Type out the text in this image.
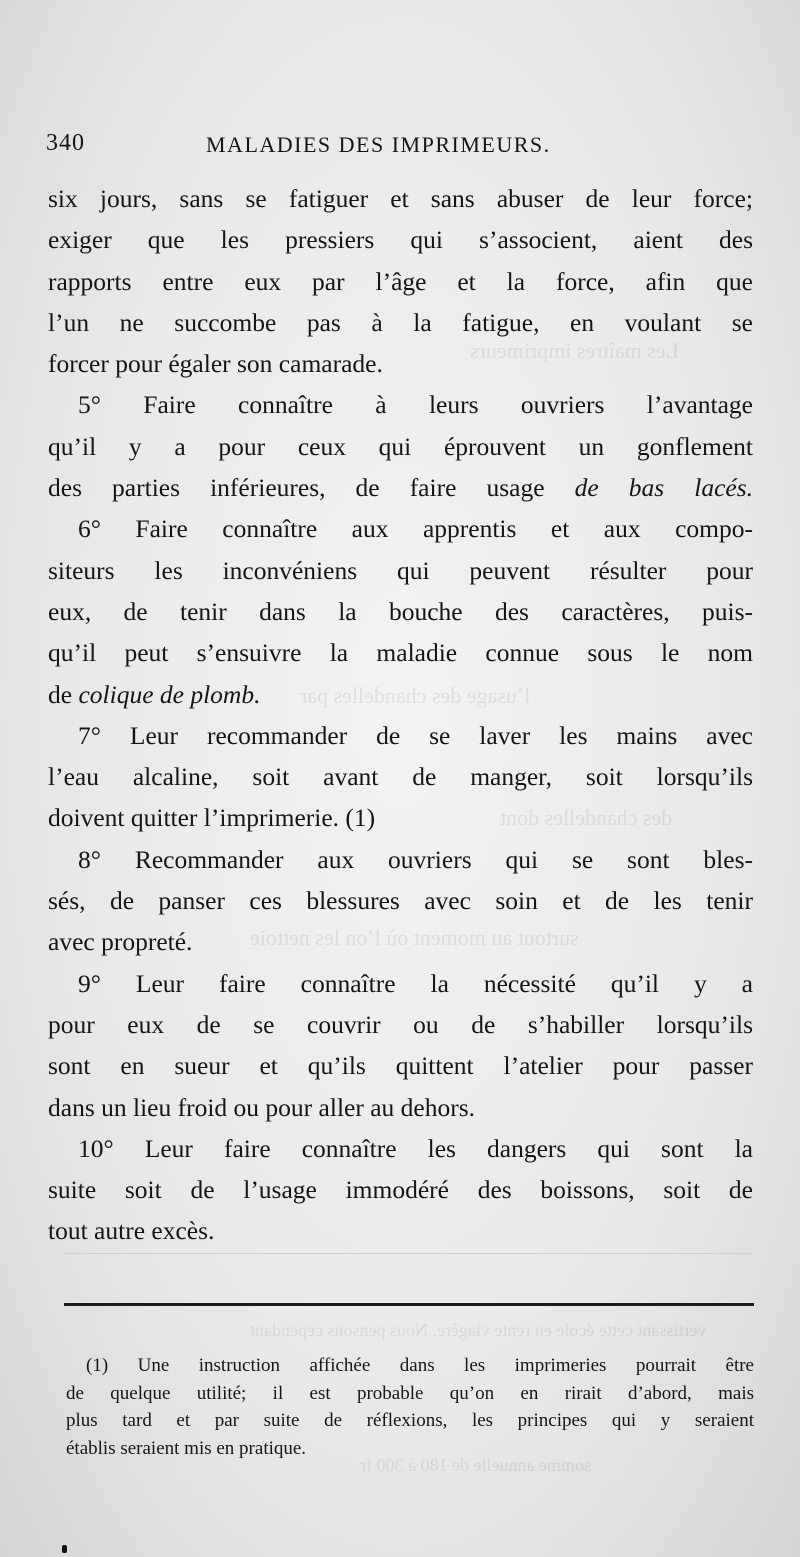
Les maîtres imprimeurs
l’usage des chandelles par
des chandelles dont
surtout au moment où l’on les nettoie
vertissant cette école en rente viagère. Nous pensons cependant
somme annuelle de 180 à 300 fr
340	MALADIES DES IMPRIMEURS.
six jours, sans se fatiguer et sans abuser de leur force;
exiger que les pressiers qui s’associent, aient des
rapports entre eux par l’âge et la force, afin que
l’un ne succombe pas à la fatigue, en voulant se
forcer pour égaler son camarade.
5° Faire connaître à leurs ouvriers l’avantage
qu’il y a pour ceux qui éprouvent un gonflement
des parties inférieures, de faire usage de bas lacés.
6° Faire connaître aux apprentis et aux compo-
siteurs les inconvéniens qui peuvent résulter pour
eux, de tenir dans la bouche des caractères, puis-
qu’il peut s’ensuivre la maladie connue sous le nom
de colique de plomb.
7° Leur recommander de se laver les mains avec
l’eau alcaline, soit avant de manger, soit lorsqu’ils
doivent quitter l’imprimerie. (1)
8° Recommander aux ouvriers qui se sont bles-
sés, de panser ces blessures avec soin et de les tenir
avec propreté.
9° Leur faire connaître la nécessité qu’il y a
pour eux de se couvrir ou de s’habiller lorsqu’ils
sont en sueur et qu’ils quittent l’atelier pour passer
dans un lieu froid ou pour aller au dehors.
10° Leur faire connaître les dangers qui sont la
suite soit de l’usage immodéré des boissons, soit de
tout autre excès.
(1) Une instruction affichée dans les imprimeries pourrait être
de quelque utilité; il est probable qu’on en rirait d’abord, mais
plus tard et par suite de réflexions, les principes qui y seraient
établis seraient mis en pratique.
